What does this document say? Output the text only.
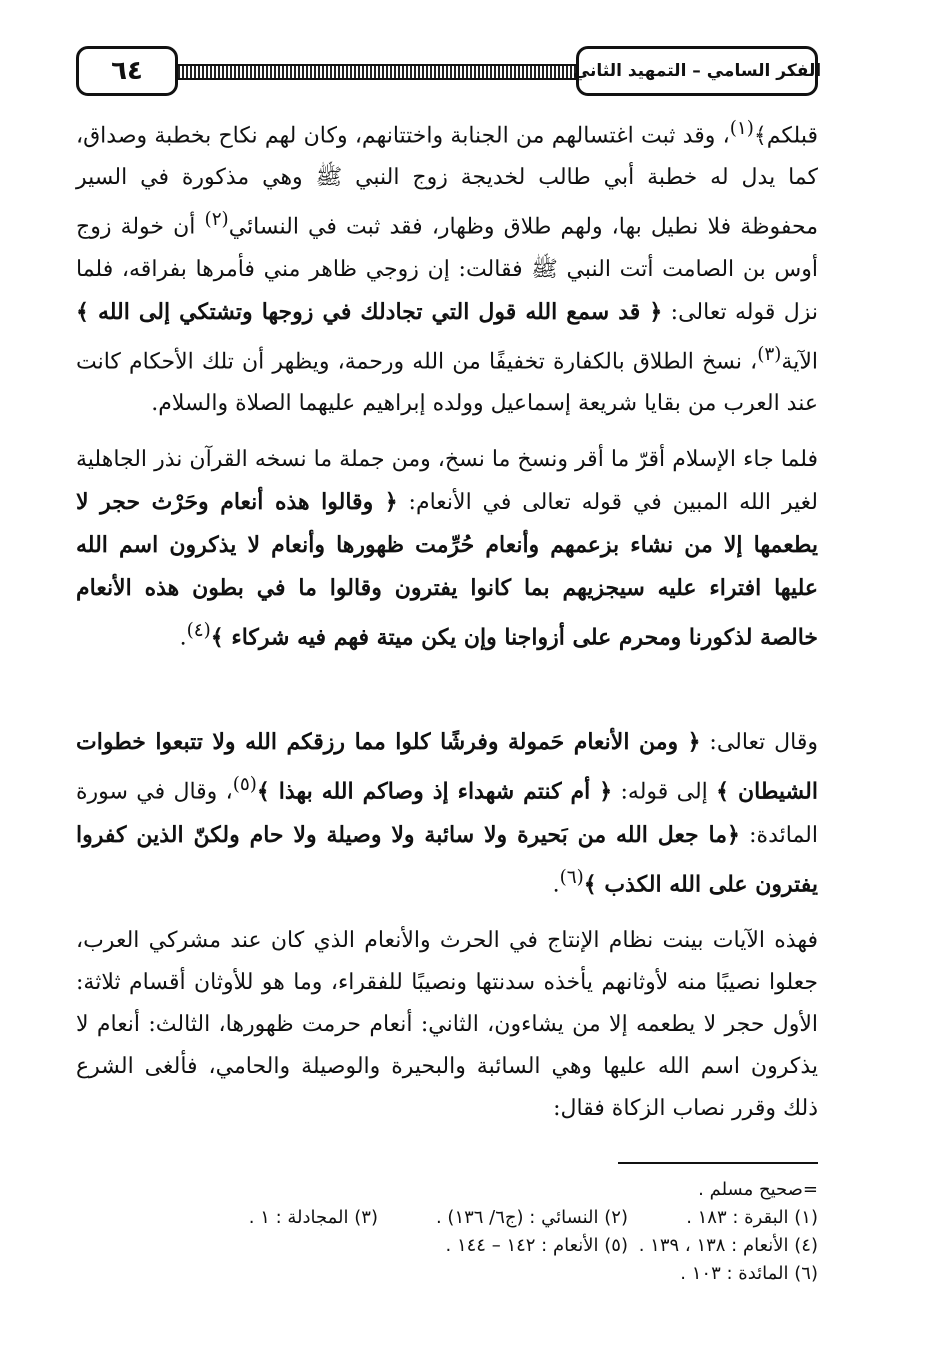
٦٤	الفكر السامي – التمهيد الثاني

قبلكم﴾$^{(١)}$، وقد ثبت اغتسالهم من الجنابة واختتانهم، وكان لهم نكاح بخطبة وصداق، كما يدل له خطبة أبي طالب لخديجة زوج النبي ﷺ وهي مذكورة في السير محفوظة فلا نطيل بها، ولهم طلاق وظهار، فقد ثبت في النسائي$^{(٢)}$ أن خولة زوج أوس بن الصامت أتت النبي ﷺ فقالت: إن زوجي ظاهر مني فأمرها بفراقه، فلما نزل قوله تعالى: ﴿ قد سمع الله قول التي تجادلك في زوجها وتشتكي إلى الله ﴾ الآية$^{(٣)}$، نسخ الطلاق بالكفارة تخفيفًا من الله ورحمة، ويظهر أن تلك الأحكام كانت عند العرب من بقايا شريعة إسماعيل وولده إبراهيم عليهما الصلاة والسلام.

فلما جاء الإسلام أقرّ ما أقر ونسخ ما نسخ، ومن جملة ما نسخه القرآن نذر الجاهلية لغير الله المبين في قوله تعالى في الأنعام: ﴿ وقالوا هذه أنعام وحَرْث حجر لا يطعمها إلا من نشاء بزعمهم وأنعام حُرِّمت ظهورها وأنعام لا يذكرون اسم الله عليها افتراء عليه سيجزيهم بما كانوا يفترون وقالوا ما في بطون هذه الأنعام خالصة لذكورنا ومحرم على أزواجنا وإن يكن ميتة فهم فيه شركاء ﴾$^{(٤)}$.

وقال تعالى: ﴿ ومن الأنعام حَمولة وفرشًا كلوا مما رزقكم الله ولا تتبعوا خطوات الشيطان ﴾ إلى قوله: ﴿ أم كنتم شهداء إذ وصاكم الله بهذا ﴾$^{(٥)}$، وقال في سورة المائدة: ﴿ما جعل الله من بَحيرة ولا سائبة ولا وصيلة ولا حام ولكنّ الذين كفروا يفترون على الله الكذب ﴾$^{(٦)}$.

فهذه الآيات بينت نظام الإنتاج في الحرث والأنعام الذي كان عند مشركي العرب، جعلوا نصيبًا منه لأوثانهم يأخذه سدنتها ونصيبًا للفقراء، وما هو للأوثان أقسام ثلاثة: الأول حجر لا يطعمه إلا من يشاءون، الثاني: أنعام حرمت ظهورها، الثالث: أنعام لا يذكرون اسم الله عليها وهي السائبة والبحيرة والوصيلة والحامي، فألغى الشرع ذلك وقرر نصاب الزكاة فقال:

=صحيح مسلم .
(١) البقرة : ١٨٣ .
(٢) النسائي : (ج٦/ ١٣٦) .
(٣) المجادلة : ١ .
(٤) الأنعام : ١٣٨ ، ١٣٩ .
(٥) الأنعام : ١٤٢ – ١٤٤ .
(٦) المائدة : ١٠٣ .
